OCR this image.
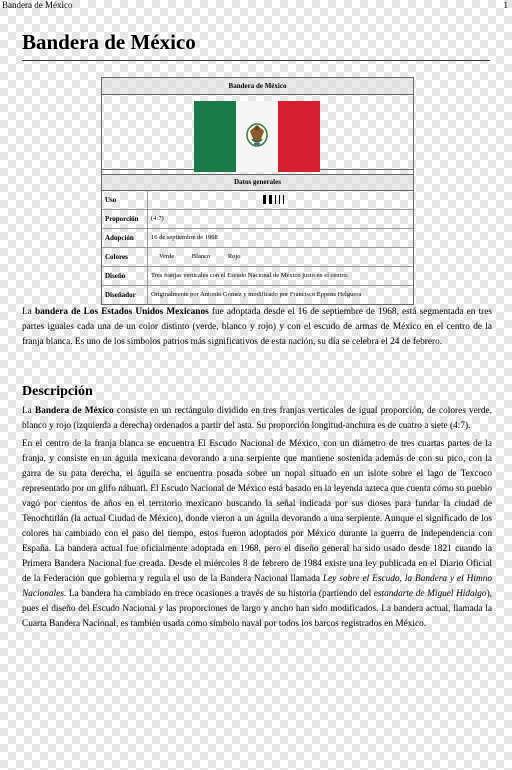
Bandera de México	1
Bandera de México
Bandera de México
Datos generales
Uso
Proporción	(4:7)
Adopción	16 de septiembre de 1968
Colores	Verde	Blanco	Rojo
Diseño	Tres franjas verticales con el Escudo Nacional de México justo en el centro.
Diseñador	Originalmente por Antonio Gómez y modificado por Francisco Eppens Helguera

La bandera de Los Estados Unidos Mexicanos fue adoptada desde el 16 de septiembre de 1968, está segmentada en tres partes iguales cada una de un color distinto (verde, blanco y rojo) y con el escudo de armas de México en el centro de la franja blanca. Es uno de los símbolos patrios más significativos de esta nación, su día se celebra el 24 de febrero.

Descripción

La Bandera de México consiste en un rectángulo dividido en tres franjas verticales de igual proporción, de colores verde, blanco y rojo (izquierda a derecha) ordenados a partir del asta. Su proporción longitud-anchura es de cuatro a siete (4:7).

En el centro de la franja blanca se encuentra El Escudo Nacional de México, con un diámetro de tres cuartas partes de la franja, y consiste en un águila mexicana devorando a una serpiente que mantiene sostenida además de con su pico, con la garra de su pata derecha, el águila se encuentra posada sobre un nopal situado en un islote sobre el lago de Texcoco representado por un glifo náhuatl. El Escudo Nacional de México está basado en la leyenda azteca que cuenta cómo su pueblo vagó por cientos de años en el territorio mexicano buscando la señal indicada por sus dioses para fundar la ciudad de Tenochtitlán (la actual Ciudad de México), donde vieron a un águila devorando a una serpiente. Aunque el significado de los colores ha cambiado con el paso del tiempo, estos fueron adoptados por México durante la guerra de Independencia con España. La bandera actual fue oficialmente adoptada en 1968, pero el diseño general ha sido usado desde 1821 cuando la Primera Bandera Nacional fue creada. Desde el miércoles 8 de febrero de 1984 existe una ley publicada en el Diario Oficial de la Federación que gobierna y regula el uso de la Bandera Nacional llamada Ley sobre el Escudo, la Bandera y el Himno Nacionales. La bandera ha cambiado en trece ocasiones a través de su historia (partiendo del estandarte de Miguel Hidalgo), pues el diseño del Escudo Nacional y las proporciones de largo y ancho han sido modificados. La bandera actual, llamada la Cuarta Bandera Nacional, es también usada como símbolo naval por todos los barcos registrados en México.
